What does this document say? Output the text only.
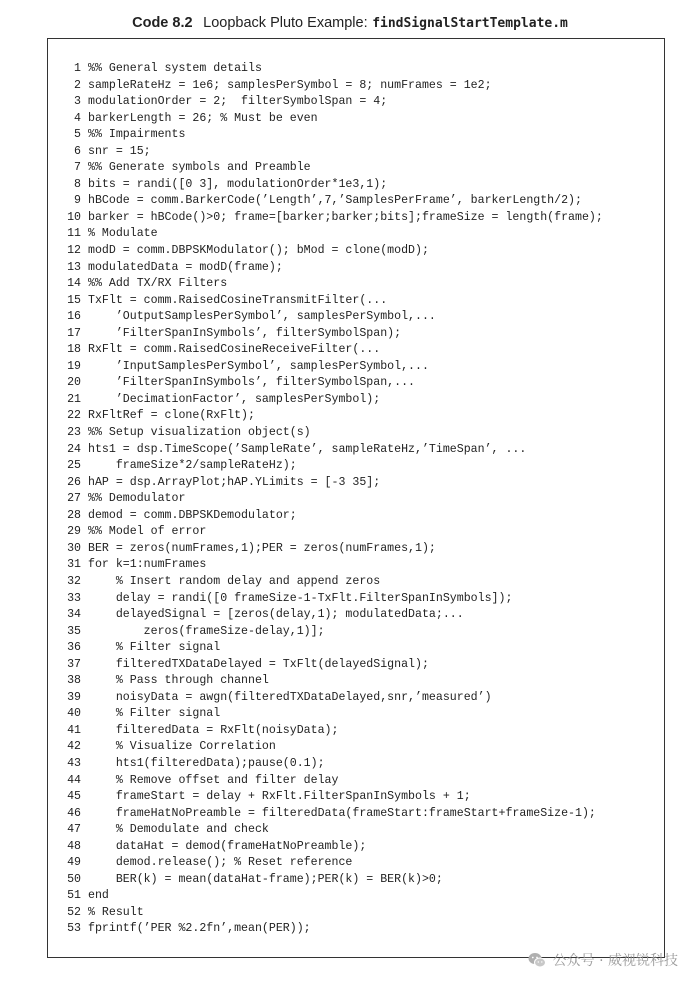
Code 8.2 Loopback Pluto Example: findSignalStartTemplate.m
1 %% General system details
2 sampleRateHz = 1e6; samplesPerSymbol = 8; numFrames = 1e2;
3 modulationOrder = 2;  filterSymbolSpan = 4;
4 barkerLength = 26; % Must be even
5 %% Impairments
6 snr = 15;
7 %% Generate symbols and Preamble
8 bits = randi([0 3], modulationOrder*1e3,1);
9 hBCode = comm.BarkerCode(’Length’,7,’SamplesPerFrame’, barkerLength/2);
10 barker = hBCode()>0; frame=[barker;barker;bits];frameSize = length(frame);
11 % Modulate
12 modD = comm.DBPSKModulator(); bMod = clone(modD);
13 modulatedData = modD(frame);
14 %% Add TX/RX Filters
15 TxFlt = comm.RaisedCosineTransmitFilter(...
16 ’OutputSamplesPerSymbol’, samplesPerSymbol,...
17 ’FilterSpanInSymbols’, filterSymbolSpan);
18 RxFlt = comm.RaisedCosineReceiveFilter(...
19 ’InputSamplesPerSymbol’, samplesPerSymbol,...
20 ’FilterSpanInSymbols’, filterSymbolSpan,...
21 ’DecimationFactor’, samplesPerSymbol);
22 RxFltRef = clone(RxFlt);
23 %% Setup visualization object(s)
24 hts1 = dsp.TimeScope(’SampleRate’, sampleRateHz,’TimeSpan’, ...
25 frameSize*2/sampleRateHz);
26 hAP = dsp.ArrayPlot;hAP.YLimits = [-3 35];
27 %% Demodulator
28 demod = comm.DBPSKDemodulator;
29 %% Model of error
30 BER = zeros(numFrames,1);PER = zeros(numFrames,1);
31 for k=1:numFrames
32 % Insert random delay and append zeros
33 delay = randi([0 frameSize-1-TxFlt.FilterSpanInSymbols]);
34 delayedSignal = [zeros(delay,1); modulatedData;...
35 zeros(frameSize-delay,1)];
36 % Filter signal
37 filteredTXDataDelayed = TxFlt(delayedSignal);
38 % Pass through channel
39 noisyData = awgn(filteredTXDataDelayed,snr,’measured’)
40 % Filter signal
41 filteredData = RxFlt(noisyData);
42 % Visualize Correlation
43 hts1(filteredData);pause(0.1);
44 % Remove offset and filter delay
45 frameStart = delay + RxFlt.FilterSpanInSymbols + 1;
46 frameHatNoPreamble = filteredData(frameStart:frameStart+frameSize-1);
47 % Demodulate and check
48 dataHat = demod(frameHatNoPreamble);
49 demod.release(); % Reset reference
50 BER(k) = mean(dataHat-frame);PER(k) = BER(k)>0;
51 end
52 % Result
53 fprintf(’PER %2.2fn’,mean(PER));
公众号 · 威视锐科技
